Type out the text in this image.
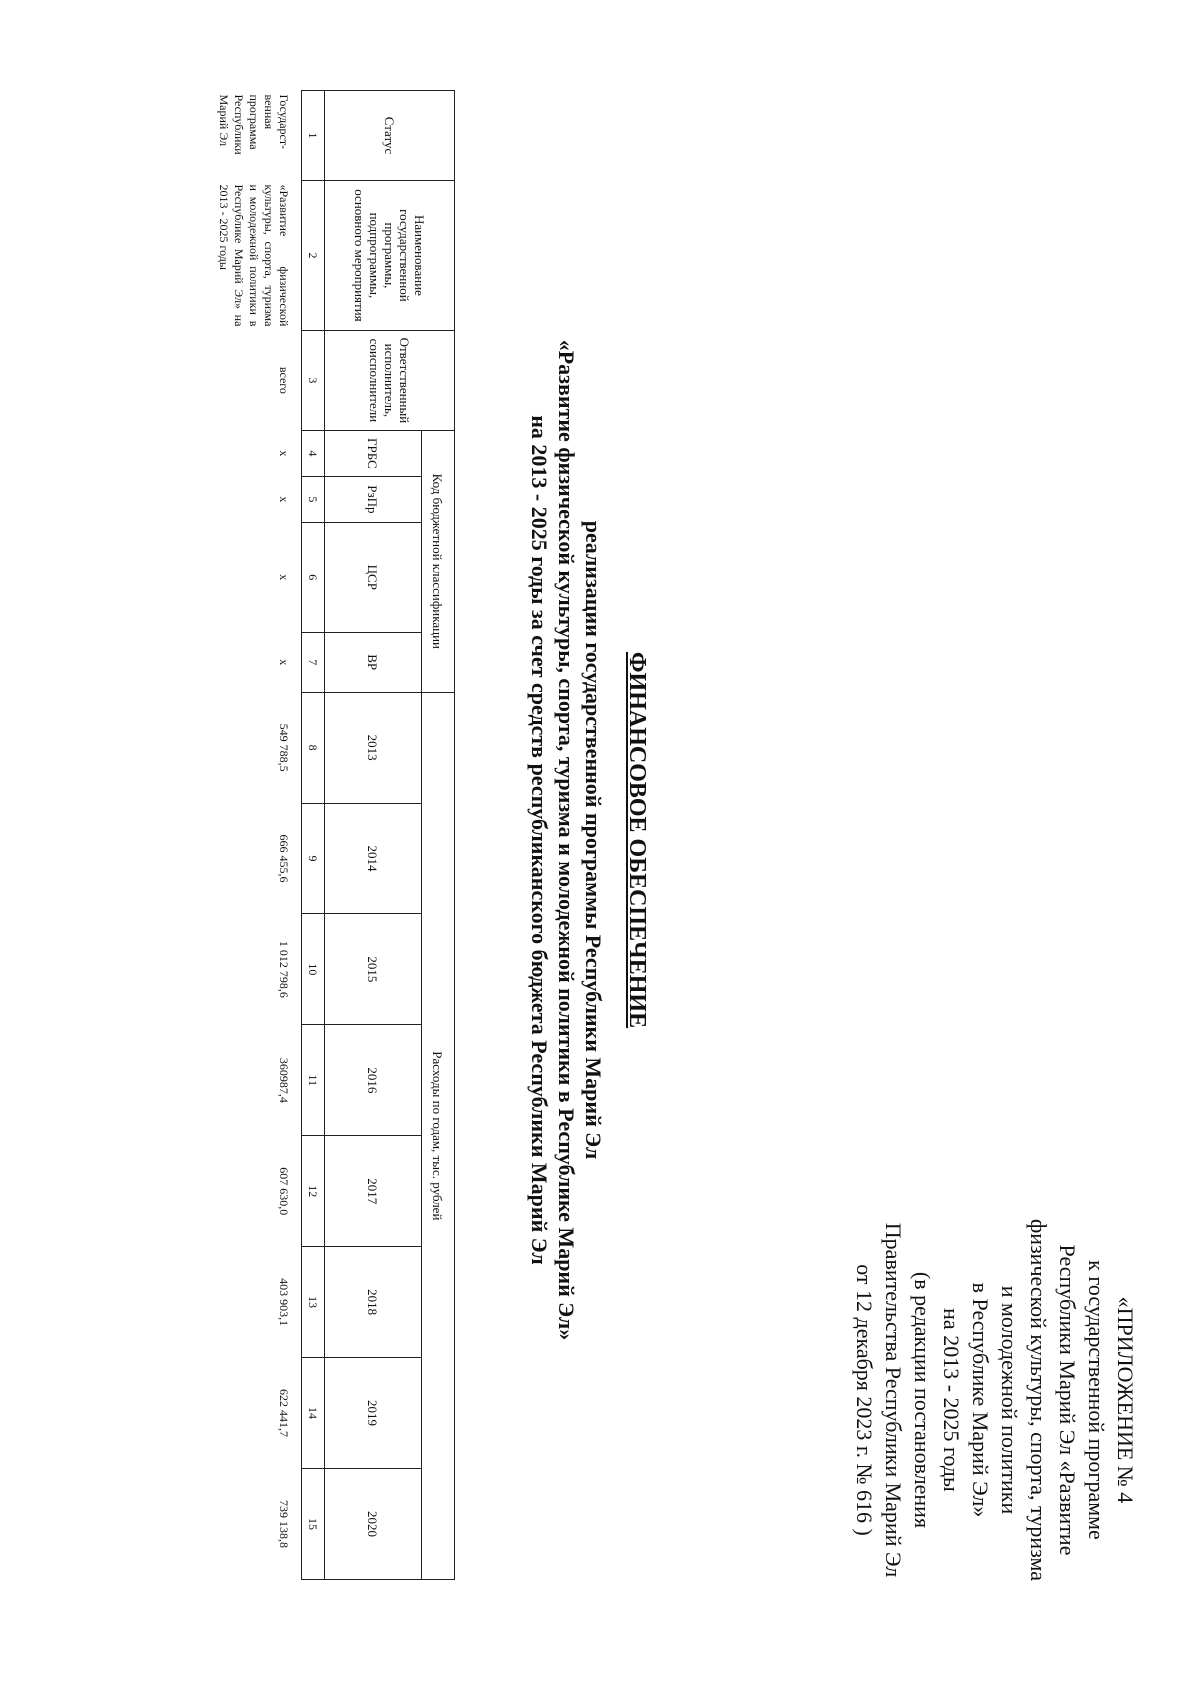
«ПРИЛОЖЕНИЕ № 4
к государственной программе
Республики Марий Эл «Развитие
физической культуры, спорта, туризма
и молодежной политики
в Республике Марий Эл»
на 2013 - 2025 годы
(в редакции постановления
Правительства Республики Марий Эл
от 12 декабря 2023 г. № 616 )
ФИНАНСОВОЕ ОБЕСПЕЧЕНИЕ
реализации государственной программы Республики Марий Эл
«Развитие физической культуры, спорта, туризма и молодежной политики в Республике Марий Эл»
на 2013 - 2025 годы за счет средств республиканского бюджета Республики Марий Эл
Статус	Наименование государственной программы, подпрограммы, основного мероприятия	Ответственный исполнитель, соисполнители	Код бюджетной классификации				Расходы по годам, тыс. рублей							
			ГРБС	РзПр	ЦСР	ВР	2013	2014	2015	2016	2017	2018	2019	2020
1	2	3	4	5	6	7	8	9	10	11	12	13	14	15
Государст-венная программа Республики Марий Эл	«Развитие физической культуры, спорта, туризма и молодежной политики в Республике Марий Эл» на 2013 - 2025 годы	всего	x	x	x	x	549 788,5	666 455,6	1 012 798,6	360987,4	607 630,0	403 903,1	622 441,7	739 138,8
